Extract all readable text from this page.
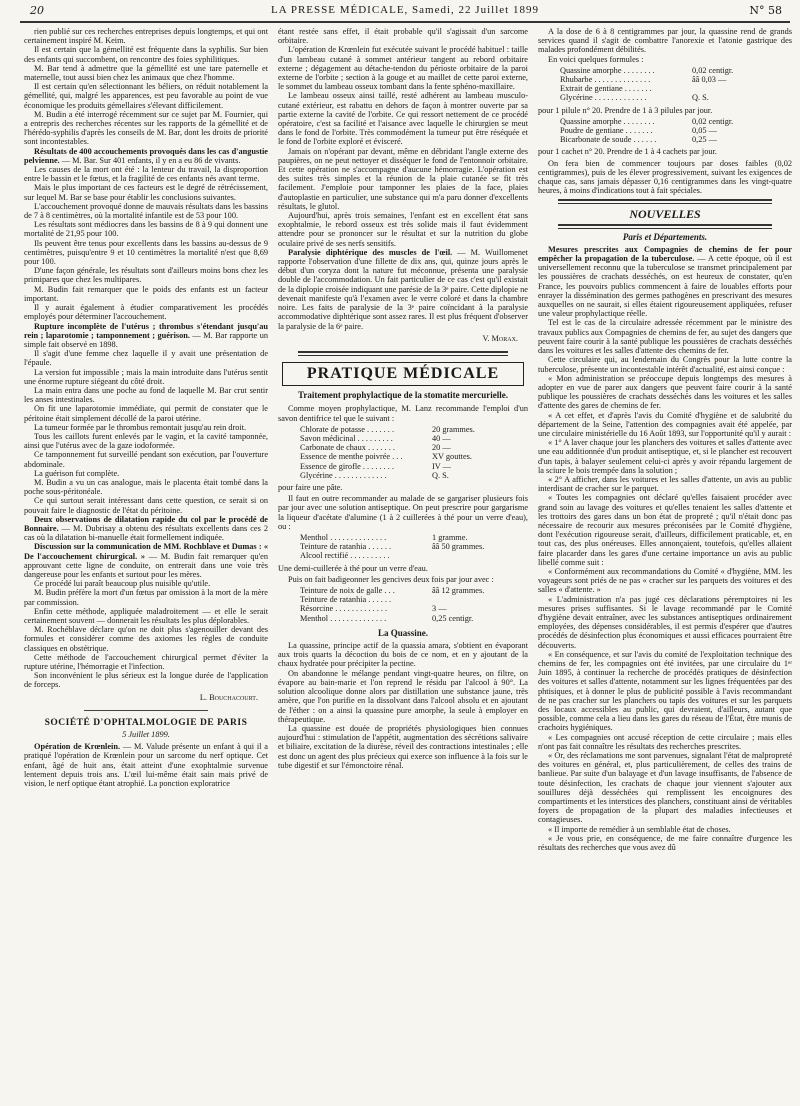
20	LA PRESSE MÉDICALE, Samedi, 22 Juillet 1899	N° 58

rien publié sur ces recherches entreprises depuis longtemps, et qui ont certainement inspiré M. Keim.

Il est certain que la gémellité est fréquente dans la syphilis. Sur bien des enfants qui succombent, on rencontre des foies syphilitiques.

M. Bar tend à admettre que la gémellité est une tare paternelle et maternelle, tout aussi bien chez les animaux que chez l'homme.

Il est certain qu'en sélectionnant les béliers, on réduit notablement la gémellité, qui, malgré les apparences, est peu favorable au point de vue économique les produits gémellaires s'élevant difficilement.

M. Budin a été interrogé récemment sur ce sujet par M. Fournier, qui a entrepris des recherches récentes sur les rapports de la gémellité et de l'hérédo-syphilis d'après les conseils de M. Bar, dont les droits de priorité sont incontestables.

Résultats de 400 accouchements provoqués dans les cas d'angustie pelvienne. — M. Bar. Sur 401 enfants, il y en a eu 86 de vivants.

Les causes de la mort ont été : la lenteur du travail, la disproportion entre le bassin et le fœtus, et la fragilité de ces enfants nés avant terme.

Mais le plus important de ces facteurs est le degré de rétrécissement, sur lequel M. Bar se base pour établir les conclusions suivantes.

L'accouchement provoqué donne de mauvais résultats dans les bassins de 7 à 8 centimètres, où la mortalité infantile est de 53 pour 100.

Les résultats sont médiocres dans les bassins de 8 à 9 qui donnent une mortalité de 21,95 pour 100.

Ils peuvent être tenus pour excellents dans les bassins au-dessus de 9 centimètres, puisqu'entre 9 et 10 centimètres la mortalité n'est que 8,69 pour 100.

D'une façon générale, les résultats sont d'ailleurs moins bons chez les primipares que chez les multipares.

M. Budin fait remarquer que le poids des enfants est un facteur important.

Il y aurait également à étudier comparativement les procédés employés pour déterminer l'accouchement.

Rupture incomplète de l'utérus ; thrombus s'étendant jusqu'au rein ; laparotomie ; tamponnement ; guérison. — M. Bar rapporte un simple fait observé en 1898.

Il s'agit d'une femme chez laquelle il y avait une présentation de l'épaule.

La version fut impossible ; mais la main introduite dans l'utérus sentit une énorme rupture siégeant du côté droit.

La main entra dans une poche au fond de laquelle M. Bar crut sentir les anses intestinales.

On fit une laparotomie immédiate, qui permit de constater que le péritoine était simplement décollé de la paroi utérine.

La tumeur formée par le thrombus remontait jusqu'au rein droit.

Tous les caillots furent enlevés par le vagin, et la cavité tamponnée, ainsi que l'utérus avec de la gaze iodoformée.

Ce tamponnement fut surveillé pendant son exécution, par l'ouverture abdominale.

La guérison fut complète.

M. Budin a vu un cas analogue, mais le placenta était tombé dans la poche sous-péritonéale.

Ce qui surtout serait intéressant dans cette question, ce serait si on pouvait faire le diagnostic de l'état du péritoine.

Deux observations de dilatation rapide du col par le procédé de Bonnaire. — M. Dubrisay a obtenu des résultats excellents dans ces 2 cas où la dilatation bi-manuelle était formellement indiquée.

Discussion sur la communication de MM. Rochblave et Dumas : « De l'accouchement chirurgical. » — M. Budin fait remarquer qu'en approuvant cette ligne de conduite, on entrerait dans une voie très dangereuse pour les enfants et surtout pour les mères.

Ce procédé lui paraît beaucoup plus nuisible qu'utile.

M. Budin préfère la mort d'un fœtus par omission à la mort de la mère par commission.

Enfin cette méthode, appliquée maladroitement — et elle le serait certainement souvent — donnerait les résultats les plus déplorables.

M. Rochéblave déclare qu'on ne doit plus s'agenouiller devant des formules et considérer comme des axiomes les règles de conduite classiques en obstétrique.

Cette méthode de l'accouchement chirurgical permet d'éviter la rupture utérine, l'hémorragie et l'infection.

Son inconvénient le plus sérieux est la longue durée de l'application de forceps.

L. Bouchacourt.

SOCIÉTÉ D'OPHTALMOLOGIE DE PARIS

5 Juillet 1899.

Opération de Krœnlein. — M. Valude présente un enfant à qui il a pratiqué l'opération de Krœnlein pour un sarcome du nerf optique. Cet enfant, âgé de huit ans, était atteint d'une exophtalmie survenue lentement depuis trois ans. L'œil lui-même était sain mais privé de vision, le nerf optique étant atrophié. La ponction exploratrice

étant restée sans effet, il était probable qu'il s'agissait d'un sarcome orbitaire.

L'opération de Krœnlein fut exécutée suivant le procédé habituel : taille d'un lambeau cutané à sommet antérieur tangent au rebord orbitaire externe ; dégagement au détache-tendon du périoste orbitaire de la paroi externe de l'orbite ; section à la gouge et au maillet de cette paroi externe, le sommet du lambeau osseux tombant dans la fente sphéno-maxillaire.

Le lambeau osseux ainsi taillé, resté adhérent au lambeau musculo-cutané extérieur, est rabattu en dehors de façon à montrer ouverte par sa partie externe la cavité de l'orbite. Ce qui ressort nettement de ce procédé opératoire, c'est sa facilité et l'aisance avec laquelle le chirurgien se meut dans le fond de l'orbite. Très commodément la tumeur put être réséquée et le fond de l'orbite exploré et évisceré.

Jamais on n'opérant par devant, même en débridant l'angle externe des paupières, on ne peut nettoyer et disséquer le fond de l'entonnoir orbitaire. Et cette opération ne s'accompagne d'aucune hémorragie. L'opération est des suites très simples et la réunion de la plaie cutanée se fit très facilement. J'emploie pour tamponner les plaies de la face, plaies d'autoplastie en particulier, une substance qui m'a paru donner d'excellents résultats, le glutol.

Aujourd'hui, après trois semaines, l'enfant est en excellent état sans exophtalmie, le rebord osseux est très solide mais il faut évidemment attendre pour se prononcer sur le résultat et sur la nutrition du globe oculaire privé de ses nerfs sensitifs.

Paralysie diphtérique des muscles de l'œil. — M. Wuillomenet rapporte l'observation d'une fillette de dix ans, qui, quinze jours après le début d'un coryza dont la nature fut méconnue, présenta une paralysie double de l'accommodation. Un fait particulier de ce cas c'est qu'il existait de la diplopie croisée indiquant une parésie de la 3ᵉ paire. Cette diplopie ne devenait manifeste qu'à l'examen avec le verre coloré et dans la chambre noire. Les faits de paralysie de la 3ᵉ paire coïncidant à la paralysie accommodative diphtérique sont assez rares. Il est plus fréquent d'observer la paralysie de la 6ᵉ paire.

V. Morax.

PRATIQUE MÉDICALE

Traitement prophylactique de la stomatite mercurielle.

Comme moyen prophylactique, M. Lanz recommande l'emploi d'un savon dentifrice tel que le suivant :

Chlorate de potasse . . . . . . .	20 grammes.
Savon médicinal . . . . . . . . .	40 —
Carbonate de chaux . . . . . . .	20 —
Essence de menthe poivrée . . .	XV gouttes.
Essence de girofle . . . . . . . .	IV —
Glycérine . . . . . . . . . . . . .	Q. S.

pour faire une pâte.

Il faut en outre recommander au malade de se gargariser plusieurs fois par jour avec une solution antiseptique. On peut prescrire pour gargarisme la liqueur d'acétate d'alumine (1 à 2 cuillerées à thé pour un verre d'eau), ou :

Menthol . . . . . . . . . . . . . .	1 gramme.
Teinture de ratanhia . . . . . .	ââ 50 grammes.
Alcool rectifié . . . . . . . . . .

Une demi-cuillerée à thé pour un verre d'eau.

Puis on fait badigeonner les gencives deux fois par jour avec :

Teinture de noix de galle . . .	ââ 12 grammes.
Teinture de ratanhia . . . . . .
Résorcine . . . . . . . . . . . . .	3 —
Menthol . . . . . . . . . . . . . .	0,25 centigr.

La Quassine.

La quassine, principe actif de la quassia amara, s'obtient en évaporant aux trois quarts la décoction du bois de ce nom, et en y ajoutant de la chaux hydratée pour précipiter la pectine.

On abandonne le mélange pendant vingt-quatre heures, on filtre, on évapore au bain-marie et l'on reprend le résidu par l'alcool à 90°. La solution alcoolique donne alors par distillation une substance jaune, très amère, que l'on purifie en la dissolvant dans l'alcool absolu et en ajoutant de l'éther : on a ainsi la quassine pure amorphe, la seule à employer en thérapeutique.

La quassine est douée de propriétés physiologiques bien connues aujourd'hui : stimulation de l'appétit, augmentation des sécrétions salivaire et biliaire, excitation de la diurèse, réveil des contractions intestinales ; elle est donc un agent des plus précieux qui exerce son influence à la fois sur le tube digestif et sur l'émonctoire rénal.

A la dose de 6 à 8 centigrammes par jour, la quassine rend de grands services quand il s'agit de combattre l'anorexie et l'atonie gastrique des malades profondément débilités.

En voici quelques formules :

Quassine amorphe . . . . . . . .	0,02 centigr.
Rhubarbe . . . . . . . . . . . . . .	ââ 0,03 —
Extrait de gentiane . . . . . . .
Glycérine . . . . . . . . . . . . .	Q. S.

pour 1 pilule n° 20. Prendre de 1 à 3 pilules par jour.

Quassine amorphe . . . . . . . .	0,02 centigr.
Poudre de gentiane . . . . . . .	0,05 —
Bicarbonate de soude . . . . . .	0,25 —

pour 1 cachet n° 20. Prendre de 1 à 4 cachets par jour.

On fera bien de commencer toujours par doses faibles (0,02 centigrammes), puis de les élever progressivement, suivant les exigences de chaque cas, sans jamais dépasser 0,16 centigrammes dans les vingt-quatre heures, à moins d'indications tout à fait spéciales.

NOUVELLES

Paris et Départements.

Mesures prescrites aux Compagnies de chemins de fer pour empêcher la propagation de la tuberculose. — A cette époque, où il est universellement reconnu que la tuberculose se transmet principalement par les poussières de crachats desséchés, on est heureux de constater, qu'en France, les pouvoirs publics commencent à faire de louables efforts pour enrayer la dissémination des germes pathogènes en prescrivant des mesures auxquelles on ne saurait, si elles étaient rigoureusement appliquées, refuser une valeur prophylactique réelle.

Tel est le cas de la circulaire adressée récemment par le ministre des travaux publics aux Compagnies de chemins de fer, au sujet des dangers que peuvent faire courir à la santé publique les poussières de crachats desséchés dans les voitures et les salles d'attente des chemins de fer.

Cette circulaire qui, au lendemain du Congrès pour la lutte contre la tuberculose, présente un incontestable intérêt d'actualité, est ainsi conçue :

« Mon administration se préoccupe depuis longtemps des mesures à adopter en vue de parer aux dangers que peuvent faire courir à la santé publique les poussières de crachats desséchés dans les voitures et les salles d'attente des gares de chemins de fer.

« A cet effet, et d'après l'avis du Comité d'hygiène et de salubrité du département de la Seine, l'attention des compagnies avait été appelée, par une circulaire ministérielle du 16 Août 1893, sur l'opportunité qu'il y aurait :

« 1° A laver chaque jour les planchers des voitures et salles d'attente avec une eau additionnée d'un produit antiseptique, et, si le plancher est recouvert d'un tapis, à balayer seulement celui-ci après y avoir répandu largement de la sciure le bois trempée dans la solution ;

« 2° A afficher, dans les voitures et les salles d'attente, un avis au public interdisant de cracher sur le parquet.

« Toutes les compagnies ont déclaré qu'elles faisaient procéder avec grand soin au lavage des voitures et qu'elles tenaient les salles d'attente et les trottoirs des gares dans un bon état de propreté ; qu'il n'était donc pas nécessaire de recourir aux mesures préconisées par le Comité d'hygiène, dont l'exécution rigoureuse serait, d'ailleurs, difficilement praticable, et, en tout cas, des plus onéreuses. Elles annonçaient, toutefois, qu'elles allaient faire placarder dans les gares d'une certaine importance un avis au public libellé comme suit :

« Conformément aux recommandations du Comité « d'hygiène, MM. les voyageurs sont priés de ne pas « cracher sur les parquets des voitures et des salles « d'attente. »

« L'administration n'a pas jugé ces déclarations péremptoires ni les mesures prises suffisantes. Si le lavage recommandé par le Comité d'hygiène devait entraîner, avec les substances antiseptiques ordinairement employées, des dépenses considérables, il est permis d'espérer que d'autres procédés de désinfection plus économiques et aussi efficaces pourraient être découverts.

« En conséquence, et sur l'avis du comité de l'exploitation technique des chemins de fer, les compagnies ont été invitées, par une circulaire du 1ᵉʳ Juin 1895, à continuer la recherche de procédés pratiques de désinfection des voitures et salles d'attente, notamment sur les lignes fréquentées par des phtisiques, et à donner le plus de publicité possible à l'avis recommandant de ne pas cracher sur les planchers ou tapis des voitures et sur les parquets des locaux accessibles au public, qui devraient, d'ailleurs, autant que possible, comme cela a lieu dans les gares du réseau de l'État, être munis de crachoirs hygiéniques.

« Les compagnies ont accusé réception de cette circulaire ; mais elles n'ont pas fait connaître les résultats des recherches prescrites.

« Or, des réclamations me sont parvenues, signalant l'état de malpropreté des voitures en général, et, plus particulièrement, de celles des trains de banlieue. Par suite d'un balayage et d'un lavage insuffisants, de l'absence de toute désinfection, les crachats de chaque jour viennent s'ajouter aux souillures déjà desséchées qui remplissent les encoignures des compartiments et les interstices des planchers, constituant ainsi de véritables foyers de propagation de la plupart des maladies infectieuses et contagieuses.

« Il importe de remédier à un semblable état de choses.

« Je vous prie, en conséquence, de me faire connaître d'urgence les résultats des recherches que vous avez dû
